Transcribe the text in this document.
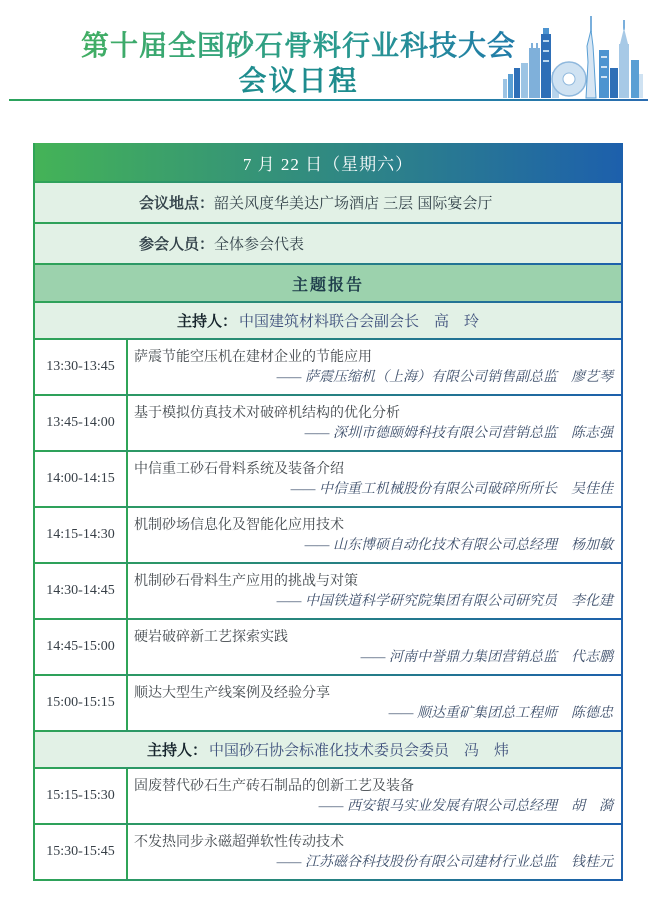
第十届全国砂石骨料行业科技大会
会议日程
7 月 22 日（星期六）
会议地点： 韶关风度华美达广场酒店 三层 国际宴会厅
参会人员： 全体参会代表
主题报告
主持人： 中国建筑材料联合会副会长　高　玲
13:30-13:45
萨震节能空压机在建材企业的节能应用
—— 萨震压缩机（上海）有限公司销售副总监　廖艺琴
13:45-14:00
基于模拟仿真技术对破碎机结构的优化分析
—— 深圳市德颐姆科技有限公司营销总监　陈志强
14:00-14:15
中信重工砂石骨料系统及装备介绍
—— 中信重工机械股份有限公司破碎所所长　吴佳佳
14:15-14:30
机制砂场信息化及智能化应用技术
—— 山东博硕自动化技术有限公司总经理　杨加敏
14:30-14:45
机制砂石骨料生产应用的挑战与对策
—— 中国铁道科学研究院集团有限公司研究员　李化建
14:45-15:00
硬岩破碎新工艺探索实践
—— 河南中誉鼎力集团营销总监　代志鹏
15:00-15:15
顺达大型生产线案例及经验分享
—— 顺达重矿集团总工程师　陈德忠
主持人： 中国砂石协会标准化技术委员会委员　冯　炜
15:15-15:30
固废替代砂石生产砖石制品的创新工艺及装备
—— 西安银马实业发展有限公司总经理　胡　漪
15:30-15:45
不发热同步永磁超弹软性传动技术
—— 江苏磁谷科技股份有限公司建材行业总监　钱桂元
